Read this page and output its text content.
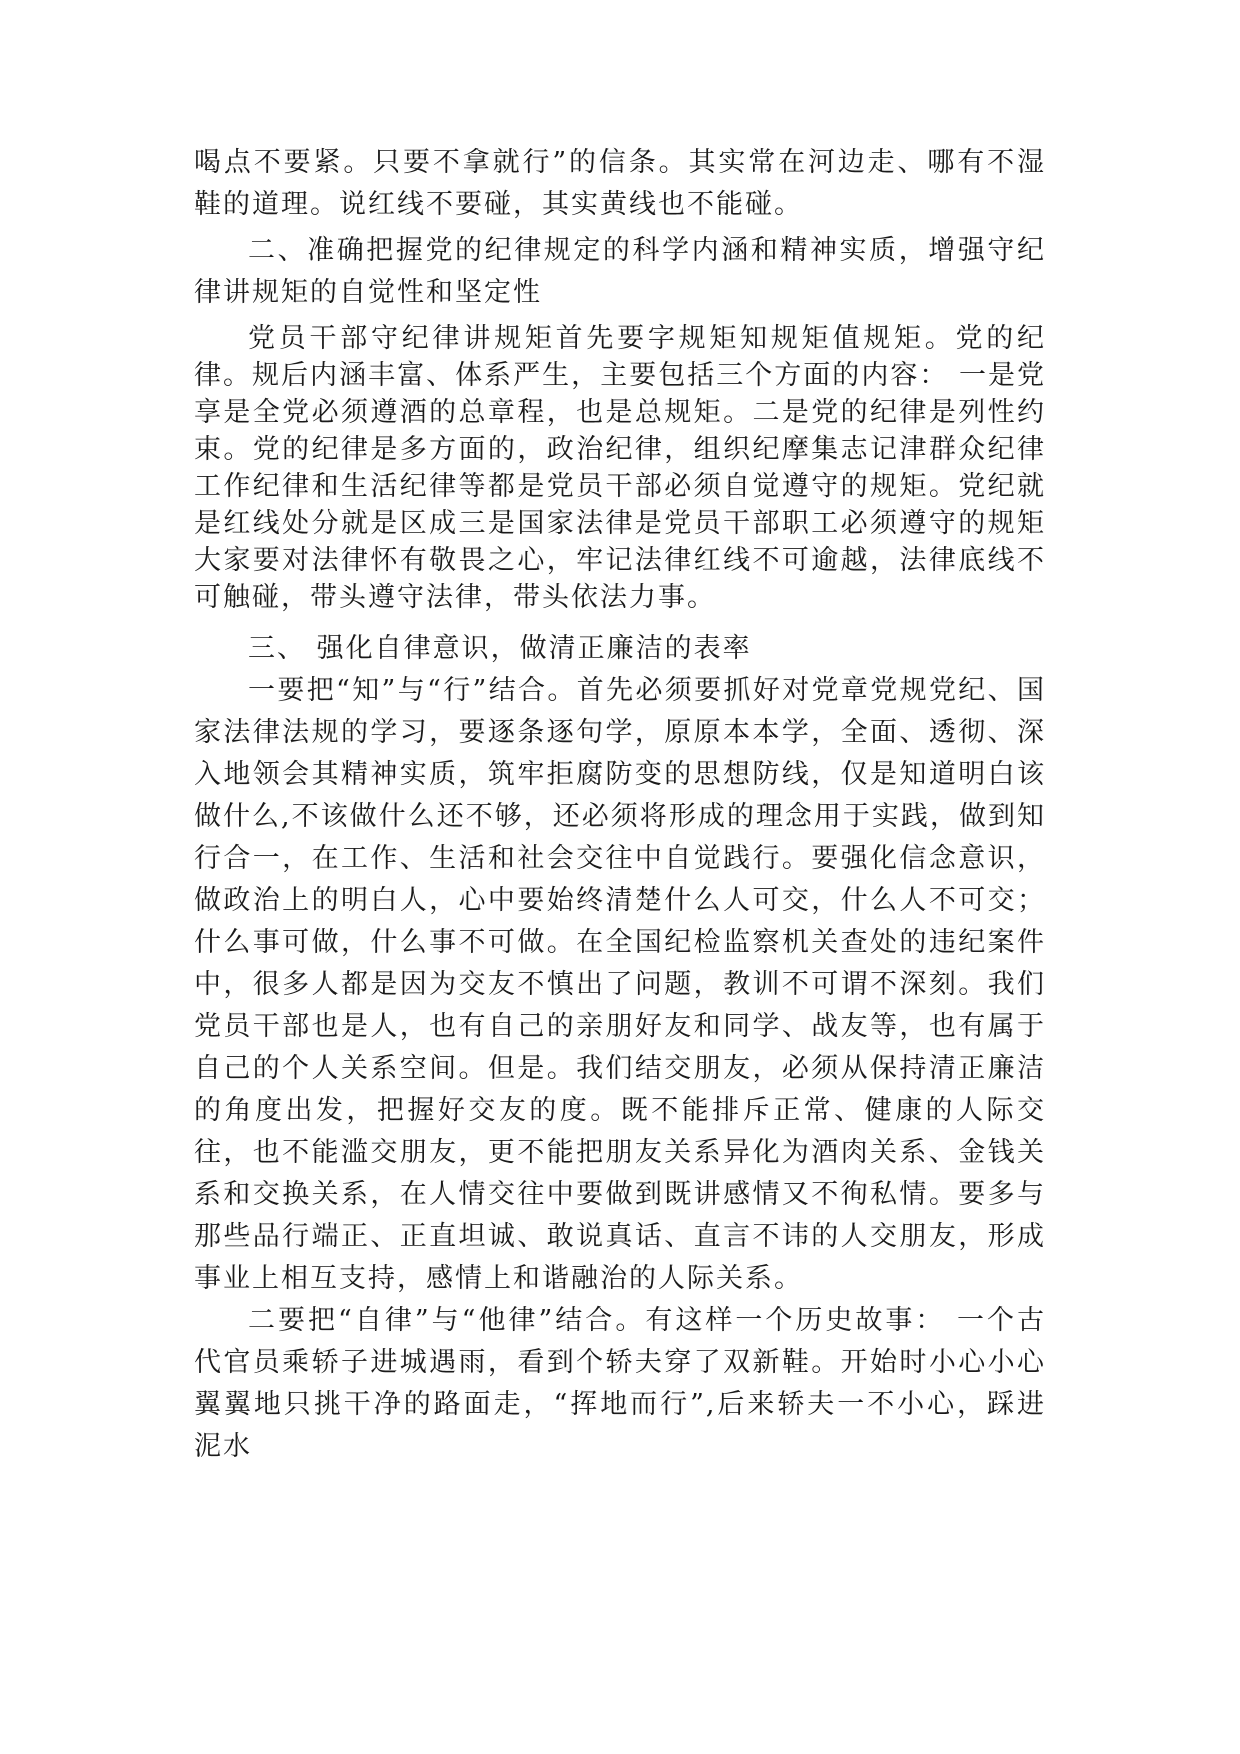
喝点不要紧。只要不拿就行”的信条。其实常在河边走、哪有不湿鞋的道理。说红线不要碰，其实黄线也不能碰。

二、准确把握党的纪律规定的科学内涵和精神实质，增强守纪律讲规矩的自觉性和坚定性

党员干部守纪律讲规矩首先要字规矩知规矩值规矩。党的纪律。规后内涵丰富、体系严生，主要包括三个方面的内容： 一是党享是全党必须遵酒的总章程，也是总规矩。二是党的纪律是列性约束。党的纪律是多方面的，政治纪律，组织纪摩集志记津群众纪律工作纪律和生活纪律等都是党员干部必须自觉遵守的规矩。党纪就是红线处分就是区成三是国家法律是党员干部职工必须遵守的规矩大家要对法律怀有敬畏之心，牢记法律红线不可逾越，法律底线不可触碰，带头遵守法律，带头依法力事。

三、 强化自律意识，做清正廉洁的表率

一要把“知”与“行”结合。首先必须要抓好对党章党规党纪、国家法律法规的学习，要逐条逐句学，原原本本学，全面、透彻、深入地领会其精神实质，筑牢拒腐防变的思想防线，仅是知道明白该做什么,不该做什么还不够，还必须将形成的理念用于实践，做到知行合一，在工作、生活和社会交往中自觉践行。要强化信念意识，做政治上的明白人，心中要始终清楚什么人可交，什么人不可交；什么事可做，什么事不可做。在全国纪检监察机关查处的违纪案件中，很多人都是因为交友不慎出了问题，教训不可谓不深刻。我们党员干部也是人，也有自己的亲朋好友和同学、战友等，也有属于自己的个人关系空间。但是。我们结交朋友，必须从保持清正廉洁的角度出发，把握好交友的度。既不能排斥正常、健康的人际交往，也不能滥交朋友，更不能把朋友关系异化为酒肉关系、金钱关系和交换关系，在人情交往中要做到既讲感情又不徇私情。要多与那些品行端正、正直坦诚、敢说真话、直言不讳的人交朋友，形成事业上相互支持，感情上和谐融治的人际关系。

二要把“自律”与“他律”结合。有这样一个历史故事： 一个古代官员乘轿子进城遇雨，看到个轿夫穿了双新鞋。开始时小心小心翼翼地只挑干净的路面走，“挥地而行”,后来轿夫一不小心，踩进泥水
